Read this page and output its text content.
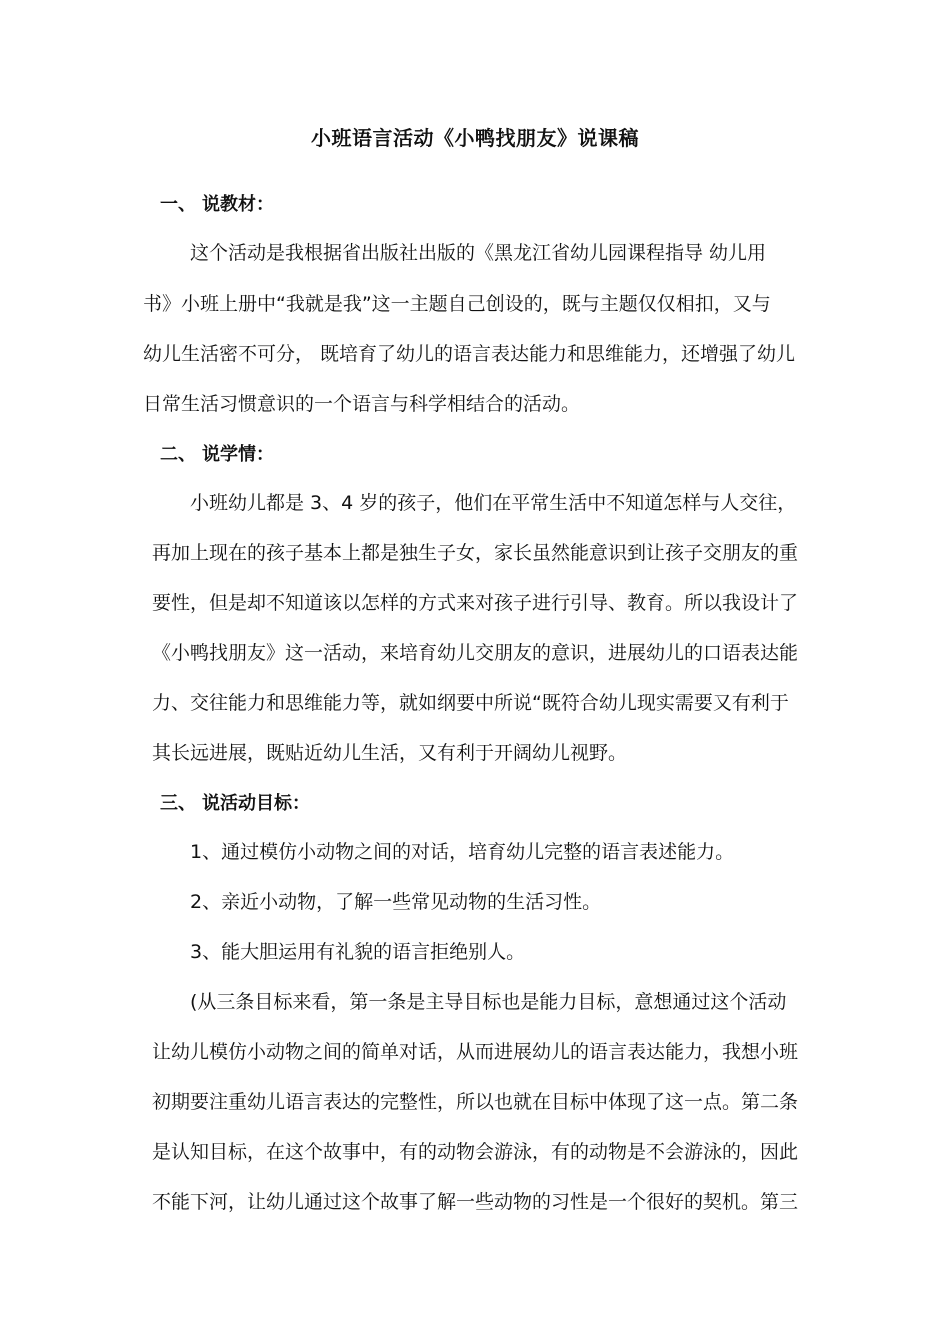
小班语言活动《小鸭找朋友》说课稿
一、 说教材：
这个活动是我根据省出版社出版的《黑龙江省幼儿园课程指导 幼儿用
书》小班上册中“我就是我”这一主题自己创设的，既与主题仅仅相扣，又与
幼儿生活密不可分， 既培育了幼儿的语言表达能力和思维能力，还增强了幼儿
日常生活习惯意识的一个语言与科学相结合的活动。
二、 说学情：
小班幼儿都是 3、4 岁的孩子，他们在平常生活中不知道怎样与人交往，
再加上现在的孩子基本上都是独生子女，家长虽然能意识到让孩子交朋友的重
要性，但是却不知道该以怎样的方式来对孩子进行引导、教育。所以我设计了
《小鸭找朋友》这一活动，来培育幼儿交朋友的意识，进展幼儿的口语表达能
力、交往能力和思维能力等，就如纲要中所说“既符合幼儿现实需要又有利于
其长远进展，既贴近幼儿生活，又有利于开阔幼儿视野。
三、 说活动目标：
1、通过模仿小动物之间的对话，培育幼儿完整的语言表述能力。
2、亲近小动物，了解一些常见动物的生活习性。
3、能大胆运用有礼貌的语言拒绝别人。
(从三条目标来看，第一条是主导目标也是能力目标，意想通过这个活动
让幼儿模仿小动物之间的简单对话，从而进展幼儿的语言表达能力，我想小班
初期要注重幼儿语言表达的完整性，所以也就在目标中体现了这一点。第二条
是认知目标，在这个故事中，有的动物会游泳，有的动物是不会游泳的，因此
不能下河，让幼儿通过这个故事了解一些动物的习性是一个很好的契机。第三
